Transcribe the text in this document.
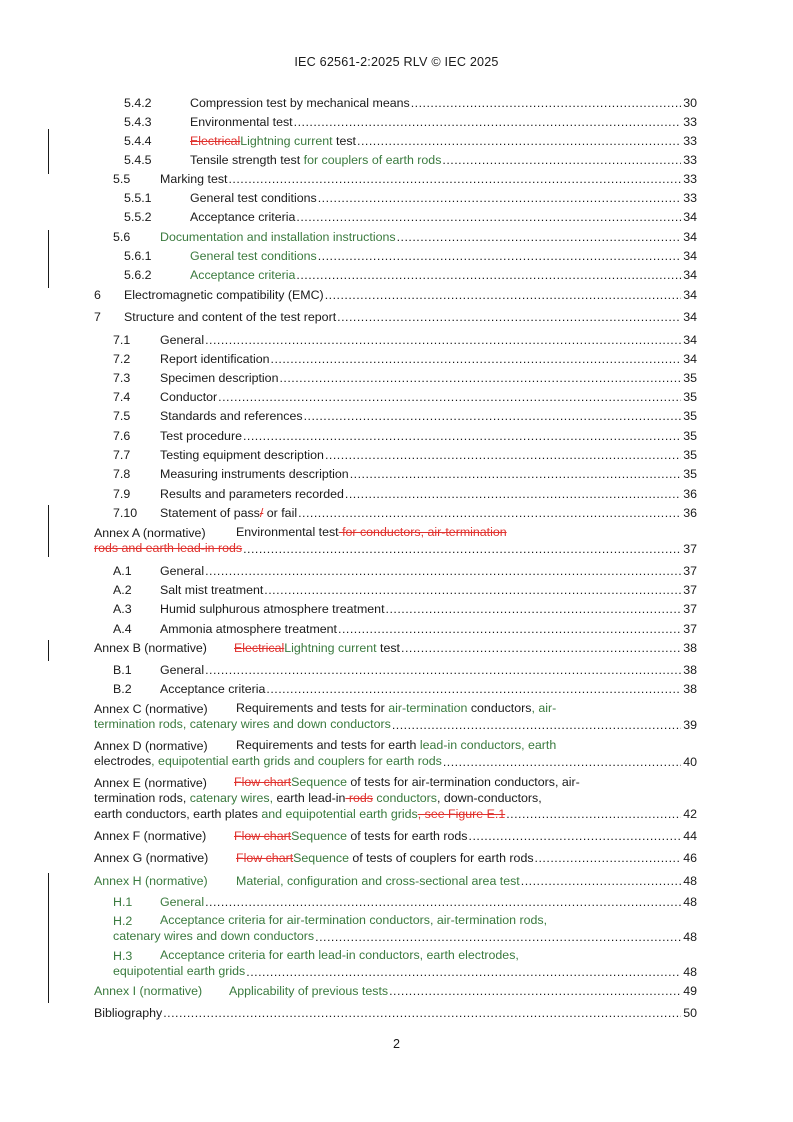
IEC 62561-2:2025 RLV © IEC 2025
5.4.2	Compression test by mechanical means .....	30
5.4.3	Environmental test .....	33
5.4.4	ElectricalLightning current test .....	33
5.4.5	Tensile strength test for couplers of earth rods .....	33
5.5 Marking test .....	33
5.5.1	General test conditions .....	33
5.5.2	Acceptance criteria .....	34
5.6 Documentation and installation instructions .....	34
5.6.1	General test conditions .....	34
5.6.2	Acceptance criteria .....	34
6 Electromagnetic compatibility (EMC) .....	34
7 Structure and content of the test report .....	34
7.1 General .....	34
7.2 Report identification .....	34
7.3 Specimen description .....	35
7.4 Conductor .....	35
7.5 Standards and references .....	35
7.6 Test procedure .....	35
7.7 Testing equipment description .....	35
7.8 Measuring instruments description .....	35
7.9 Results and parameters recorded .....	36
7.10 Statement of pass/ or fail .....	36
Annex A (normative) Environmental test for conductors, air-termination
rods and earth lead-in rods .....	37
A.1 General .....	37
A.2 Salt mist treatment .....	37
A.3 Humid sulphurous atmosphere treatment .....	37
A.4 Ammonia atmosphere treatment .....	37
Annex B (normative) ElectricalLightning current test .....	38
B.1 General .....	38
B.2 Acceptance criteria .....	38
Annex C (normative) Requirements and tests for air-termination conductors, air-
termination rods, catenary wires and down conductors .....	39
Annex D (normative) Requirements and tests for earth lead-in conductors, earth
electrodes, equipotential earth grids and couplers for earth rods .....	40
Annex E (normative) Flow chartSequence of tests for air-termination conductors, air-
termination rods, catenary wires, earth lead-in rods conductors, down-conductors,
earth conductors, earth plates and equipotential earth grids, see Figure E.1 .....	42
Annex F (normative) Flow chartSequence of tests for earth rods .....	44
Annex G (normative) Flow chartSequence of tests of couplers for earth rods .....	46
Annex H (normative) Material, configuration and cross-sectional area test .....	48
H.1 General .....	48
H.2 Acceptance criteria for air-termination conductors, air-termination rods,
catenary wires and down conductors .....	48
H.3 Acceptance criteria for earth lead-in conductors, earth electrodes,
equipotential earth grids .....	48
Annex I (normative) Applicability of previous tests .....	49
Bibliography .....	50
2
